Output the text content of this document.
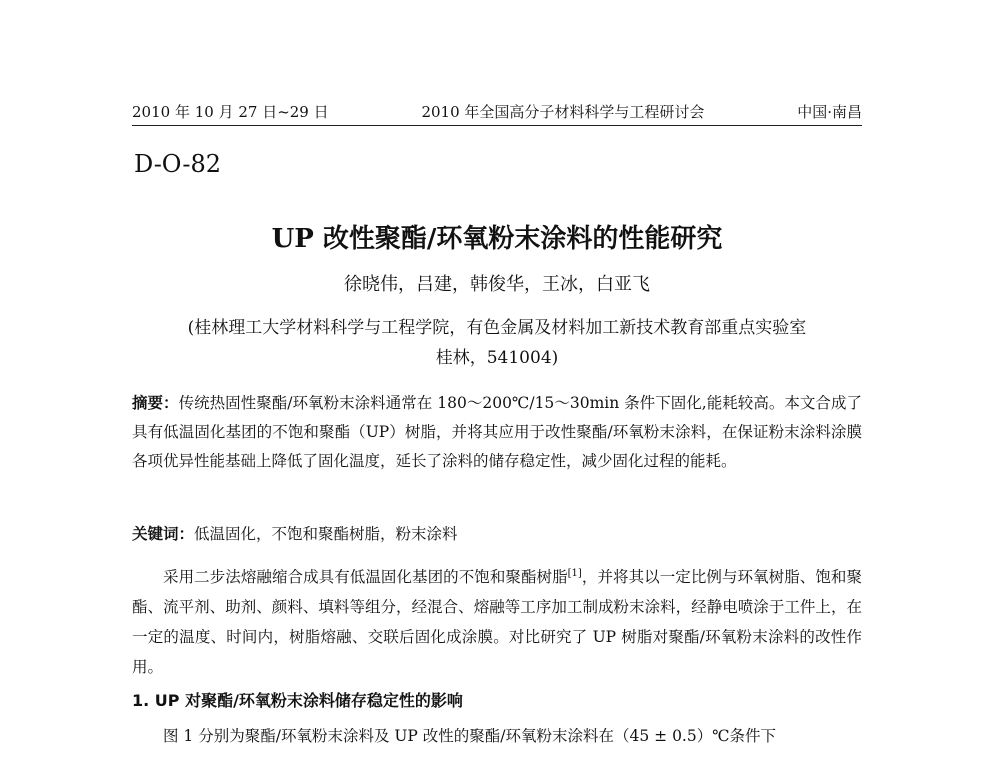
2010 年 10 月 27 日~29 日	2010 年全国高分子材料科学与工程研讨会	中国·南昌
D-O-82
UP 改性聚酯/环氧粉末涂料的性能研究
徐晓伟，吕建，韩俊华，王冰，白亚飞
(桂林理工大学材料科学与工程学院，有色金属及材料加工新技术教育部重点实验室
桂林，541004)
摘要：传统热固性聚酯/环氧粉末涂料通常在 180～200℃/15～30min 条件下固化,能耗较高。本文合成了具有低温固化基团的不饱和聚酯（UP）树脂，并将其应用于改性聚酯/环氧粉末涂料，在保证粉末涂料涂膜各项优异性能基础上降低了固化温度，延长了涂料的储存稳定性，减少固化过程的能耗。
关键词：低温固化，不饱和聚酯树脂，粉末涂料
采用二步法熔融缩合成具有低温固化基团的不饱和聚酯树脂[1]，并将其以一定比例与环氧树脂、饱和聚酯、流平剂、助剂、颜料、填料等组分，经混合、熔融等工序加工制成粉末涂料，经静电喷涂于工件上，在一定的温度、时间内，树脂熔融、交联后固化成涂膜。对比研究了 UP 树脂对聚酯/环氧粉末涂料的改性作用。
1. UP 对聚酯/环氧粉末涂料储存稳定性的影响
图 1 分别为聚酯/环氧粉末涂料及 UP 改性的聚酯/环氧粉末涂料在（45 ± 0.5）℃条件下
